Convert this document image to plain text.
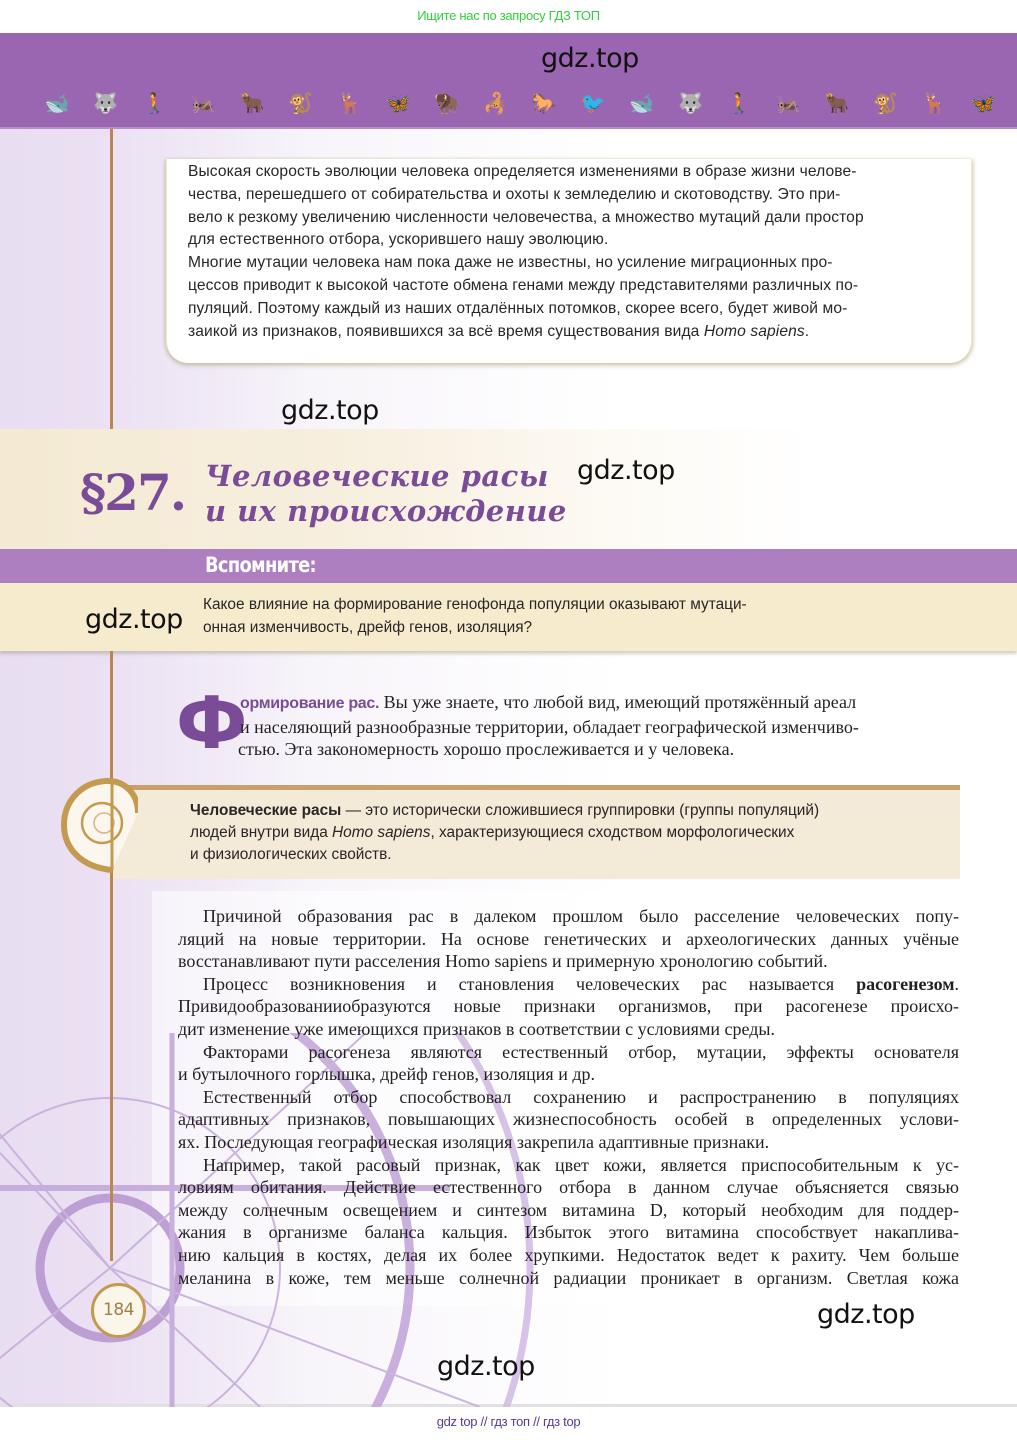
Ищите нас по запросу ГДЗ ТОП
gdz.top
🐋 🐺 🚶 🦗 🐂 🐒 🦌 🦋 🦬 🦂 🐎 🐦 🐋 🐺 🚶 🦗 🐂 🐒 🦌 🦋

Высокая скорость эволюции человека определяется изменениями в образе жизни челове-
чества, перешедшего от собирательства и охоты к земледелию и скотоводству. Это при-
вело к резкому увеличению численности человечества, а множество мутаций дали простор
для естественного отбора, ускорившего нашу эволюцию.
Многие мутации человека нам пока даже не известны, но усиление миграционных про-
цессов приводит к высокой частоте обмена генами между представителями различных по-
пуляций. Поэтому каждый из наших отдалённых потомков, скорее всего, будет живой мо-
заикой из признаков, появившихся за всё время существования вида Homo sapiens.

gdz.top
§27. Человеческие расы
и их происхождение
gdz.top
Вспомните:
Какое влияние на формирование генофонда популяции оказывают мутаци-
онная изменчивость, дрейф генов, изоляция?
gdz.top
Ф
ормирование рас. Вы уже знаете, что любой вид, имеющий протяжённый ареал
и населяющий разнообразные территории, обладает географической изменчиво-
стью. Эта закономерность хорошо прослеживается и у человека.
Человеческие расы — это исторически сложившиеся группировки (группы популяций)
людей внутри вида Homo sapiens, характеризующиеся сходством морфологических
и физиологических свойств.
Причиной образования рас в далеком прошлом было расселение человеческих попу-
ляций на новые территории. На основе генетических и археологических данных учёные
восстанавливают пути расселения Homo sapiens и примерную хронологию событий.
Процесс возникновения и становления человеческих рас называется расогенезом.
Привидообразованииобразуются новые признаки организмов, при расогенезе происхо-
дит изменение уже имеющихся признаков в соответствии с условиями среды.
Факторами расогенеза являются естественный отбор, мутации, эффекты основателя
и бутылочного горлышка, дрейф генов, изоляция и др.
Естественный отбор способствовал сохранению и распространению в популяциях
адаптивных признаков, повышающих жизнеспособность особей в определенных услови-
ях. Последующая географическая изоляция закрепила адаптивные признаки.
Например, такой расовый признак, как цвет кожи, является приспособительным к ус-
ловиям обитания. Действие естественного отбора в данном случае объясняется связью
между солнечным освещением и синтезом витамина D, который необходим для поддер-
жания в организме баланса кальция. Избыток этого витамина способствует накаплива-
нию кальция в костях, делая их более хрупкими. Недостаток ведет к рахиту. Чем больше
меланина в коже, тем меньше солнечной радиации проникает в организм. Светлая кожа
184	gdz.top
gdz.top
gdz top // гдз топ // гдз top
